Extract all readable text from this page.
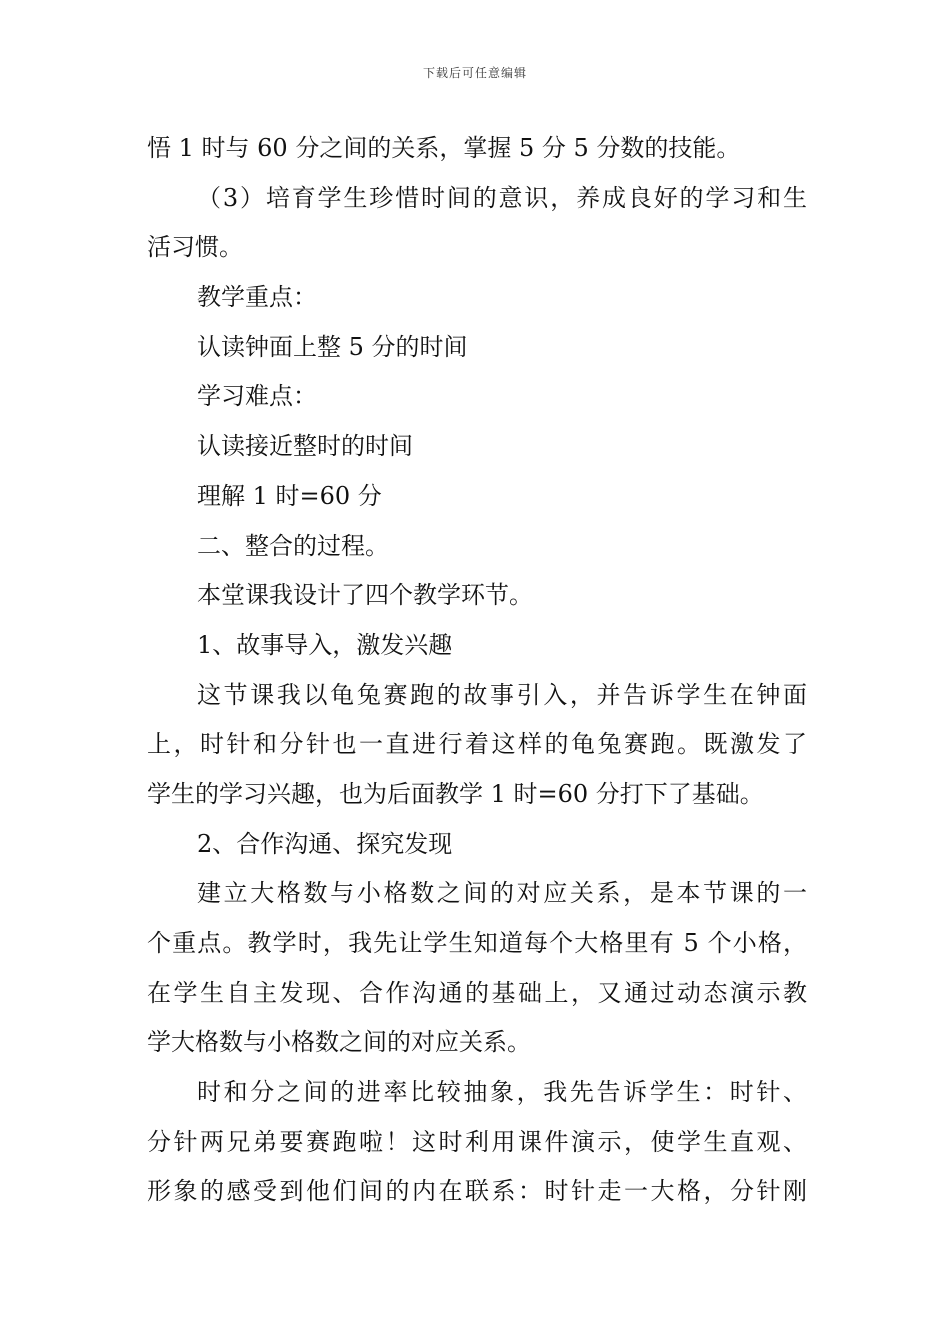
下载后可任意编辑
悟 1 时与 60 分之间的关系，掌握 5 分 5 分数的技能。
（3）培育学生珍惜时间的意识，养成良好的学习和生
活习惯。
教学重点：
认读钟面上整 5 分的时间
学习难点：
认读接近整时的时间
理解 1 时=60 分
二、整合的过程。
本堂课我设计了四个教学环节。
1、故事导入，激发兴趣
这节课我以龟兔赛跑的故事引入，并告诉学生在钟面
上，时针和分针也一直进行着这样的龟兔赛跑。既激发了
学生的学习兴趣，也为后面教学 1 时=60 分打下了基础。
2、合作沟通、探究发现
建立大格数与小格数之间的对应关系，是本节课的一
个重点。教学时，我先让学生知道每个大格里有 5 个小格，
在学生自主发现、合作沟通的基础上，又通过动态演示教
学大格数与小格数之间的对应关系。
时和分之间的进率比较抽象，我先告诉学生：时针、
分针两兄弟要赛跑啦！这时利用课件演示，使学生直观、
形象的感受到他们间的内在联系：时针走一大格，分针刚
